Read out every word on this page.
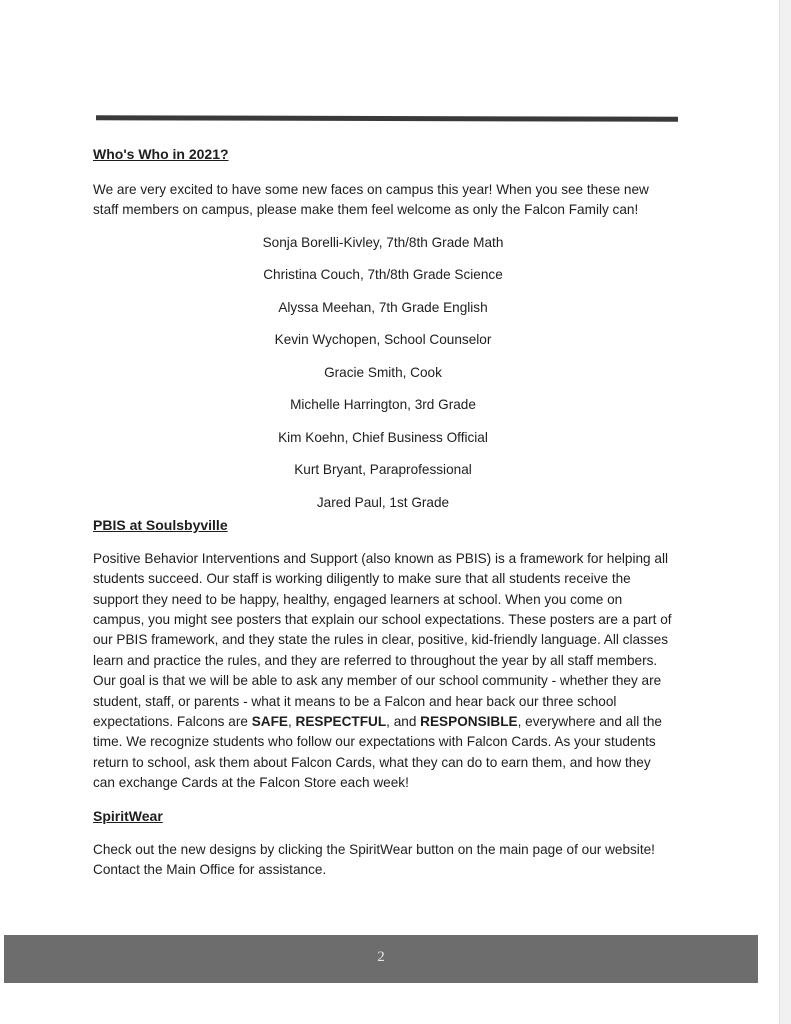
Who's Who in 2021?

We are very excited to have some new faces on campus this year! When you see these new staff members on campus, please make them feel welcome as only the Falcon Family can!

Sonja Borelli-Kivley, 7th/8th Grade Math
Christina Couch, 7th/8th Grade Science
Alyssa Meehan, 7th Grade English
Kevin Wychopen, School Counselor
Gracie Smith, Cook
Michelle Harrington, 3rd Grade
Kim Koehn, Chief Business Official
Kurt Bryant, Paraprofessional
Jared Paul, 1st Grade
PBIS at Soulsbyville

Positive Behavior Interventions and Support (also known as PBIS) is a framework for helping all students succeed. Our staff is working diligently to make sure that all students receive the support they need to be happy, healthy, engaged learners at school. When you come on campus, you might see posters that explain our school expectations. These posters are a part of our PBIS framework, and they state the rules in clear, positive, kid-friendly language. All classes learn and practice the rules, and they are referred to throughout the year by all staff members. Our goal is that we will be able to ask any member of our school community - whether they are student, staff, or parents - what it means to be a Falcon and hear back our three school expectations. Falcons are SAFE, RESPECTFUL, and RESPONSIBLE, everywhere and all the time. We recognize students who follow our expectations with Falcon Cards. As your students return to school, ask them about Falcon Cards, what they can do to earn them, and how they can exchange Cards at the Falcon Store each week!

SpiritWear

Check out the new designs by clicking the SpiritWear button on the main page of our website! Contact the Main Office for assistance.

2
